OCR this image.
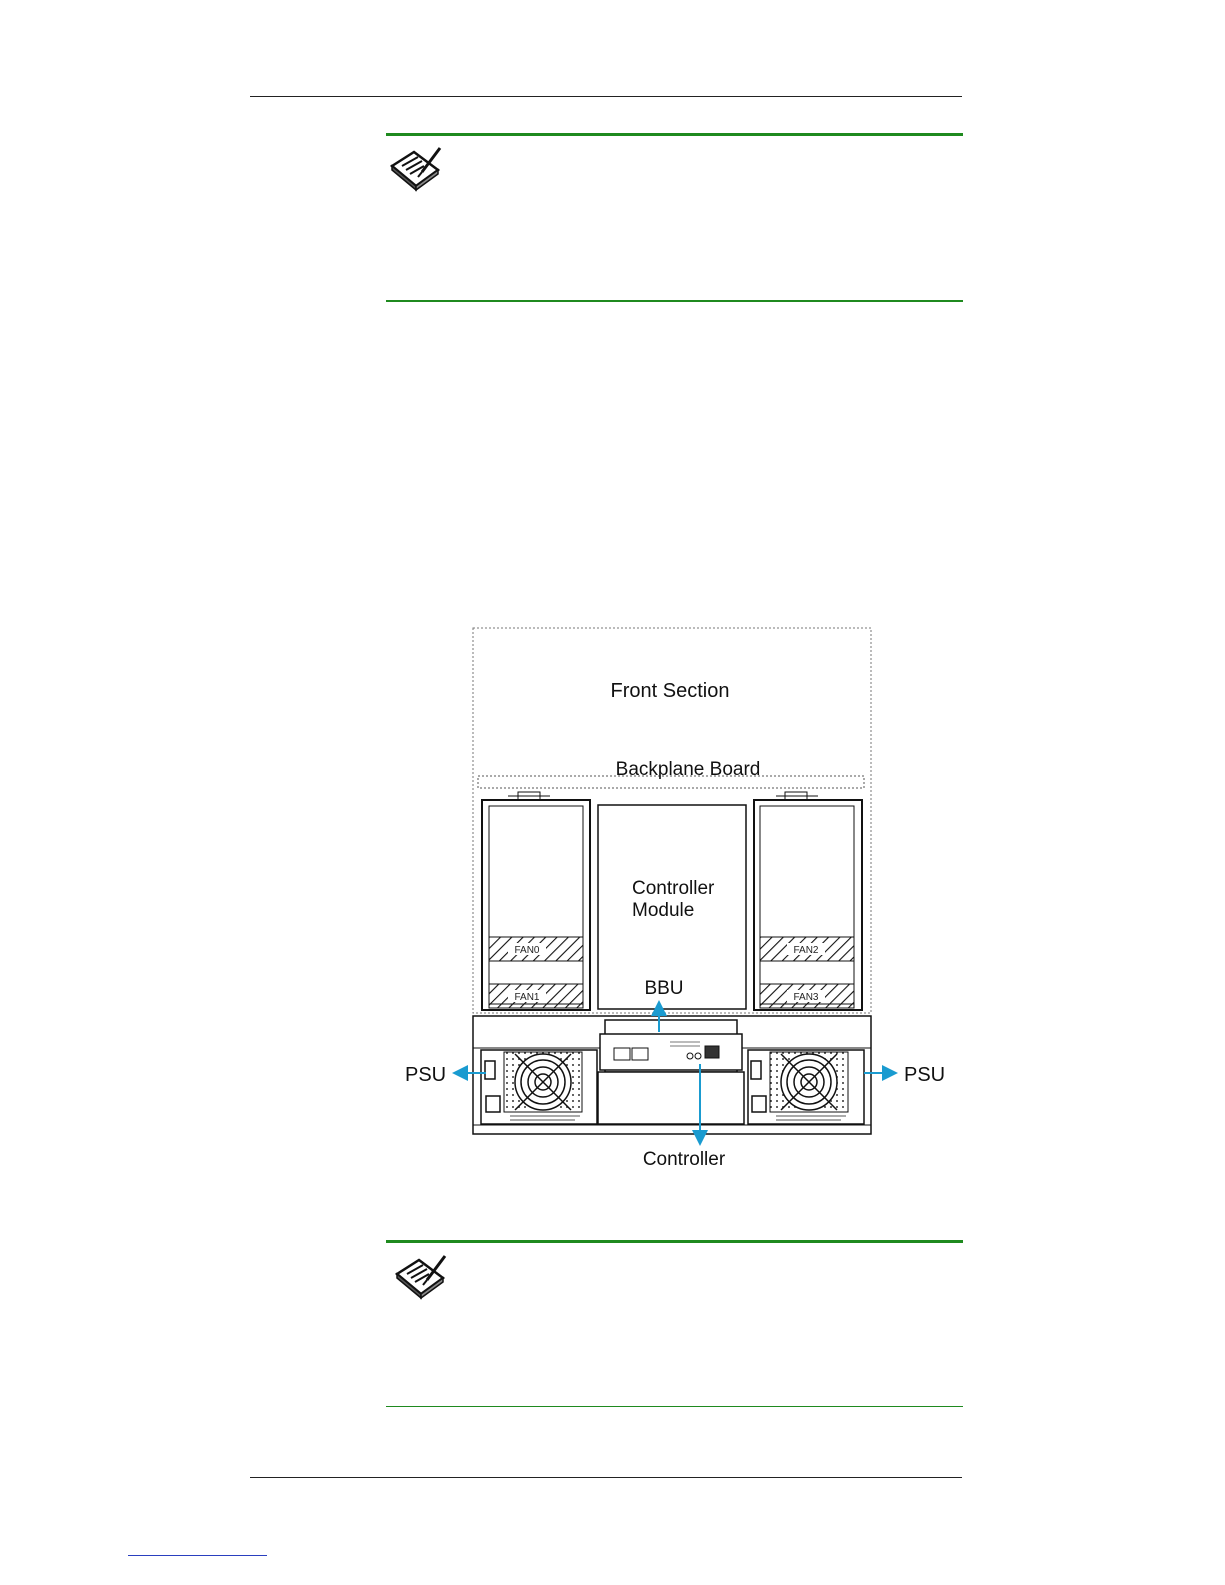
Front Section
Backplane Board
FAN0
FAN1
FAN2
FAN3
Controller
Module
BBU
PSU	PSU
Controller
